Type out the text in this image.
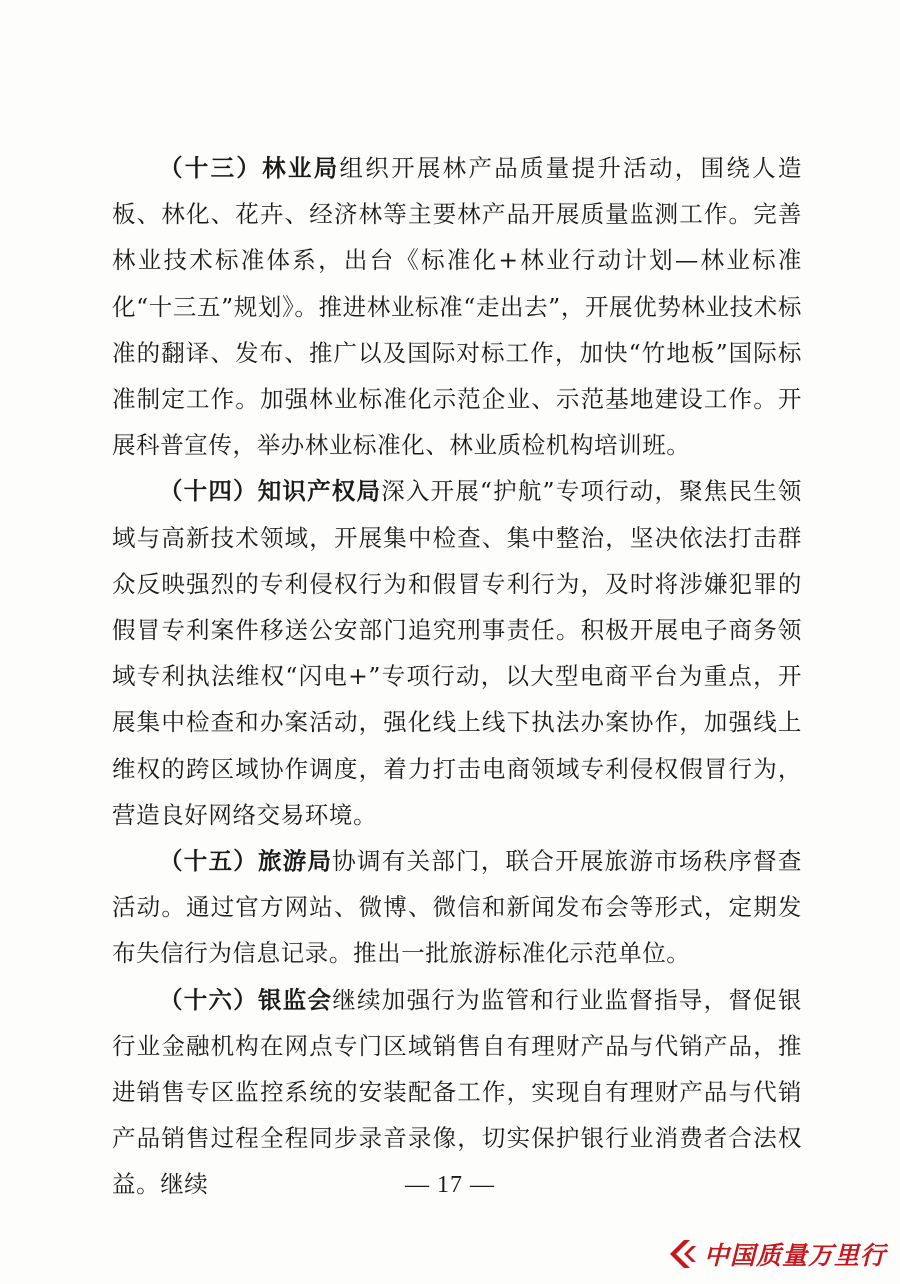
（十三）林业局组织开展林产品质量提升活动，围绕人造板、林化、花卉、经济林等主要林产品开展质量监测工作。完善林业技术标准体系，出台《标准化+林业行动计划—林业标准化“十三五”规划》。推进林业标准“走出去”，开展优势林业技术标准的翻译、发布、推广以及国际对标工作，加快“竹地板”国际标准制定工作。加强林业标准化示范企业、示范基地建设工作。开展科普宣传，举办林业标准化、林业质检机构培训班。

（十四）知识产权局深入开展“护航”专项行动，聚焦民生领域与高新技术领域，开展集中检查、集中整治，坚决依法打击群众反映强烈的专利侵权行为和假冒专利行为，及时将涉嫌犯罪的假冒专利案件移送公安部门追究刑事责任。积极开展电子商务领域专利执法维权“闪电+”专项行动，以大型电商平台为重点，开展集中检查和办案活动，强化线上线下执法办案协作，加强线上维权的跨区域协作调度，着力打击电商领域专利侵权假冒行为，营造良好网络交易环境。

（十五）旅游局协调有关部门，联合开展旅游市场秩序督查活动。通过官方网站、微博、微信和新闻发布会等形式，定期发布失信行为信息记录。推出一批旅游标准化示范单位。

（十六）银监会继续加强行为监管和行业监督指导，督促银行业金融机构在网点专门区域销售自有理财产品与代销产品，推进销售专区监控系统的安装配备工作，实现自有理财产品与代销产品销售过程全程同步录音录像，切实保护银行业消费者合法权益。继续	— 17 —
中国质量万里行
